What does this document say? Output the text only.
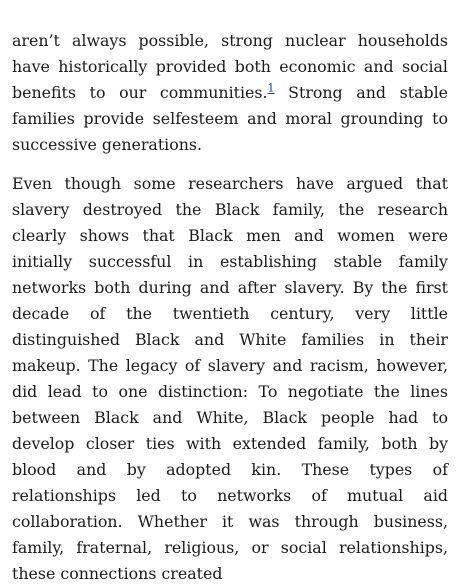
aren’t always possible, strong nuclear households have historically provided both economic and social benefits to our communities.$^1$ Strong and stable families provide selfesteem and moral grounding to successive generations.

Even though some researchers have argued that slavery destroyed the Black family, the research clearly shows that Black men and women were initially successful in establishing stable family networks both during and after slavery. By the first decade of the twentieth century, very little distinguished Black and White families in their makeup. The legacy of slavery and racism, however, did lead to one distinction: To negotiate the lines between Black and White, Black people had to develop closer ties with extended family, both by blood and by adopted kin. These types of relationships led to networks of mutual aid collaboration. Whether it was through business, family, fraternal, religious, or social relationships, these connections created
